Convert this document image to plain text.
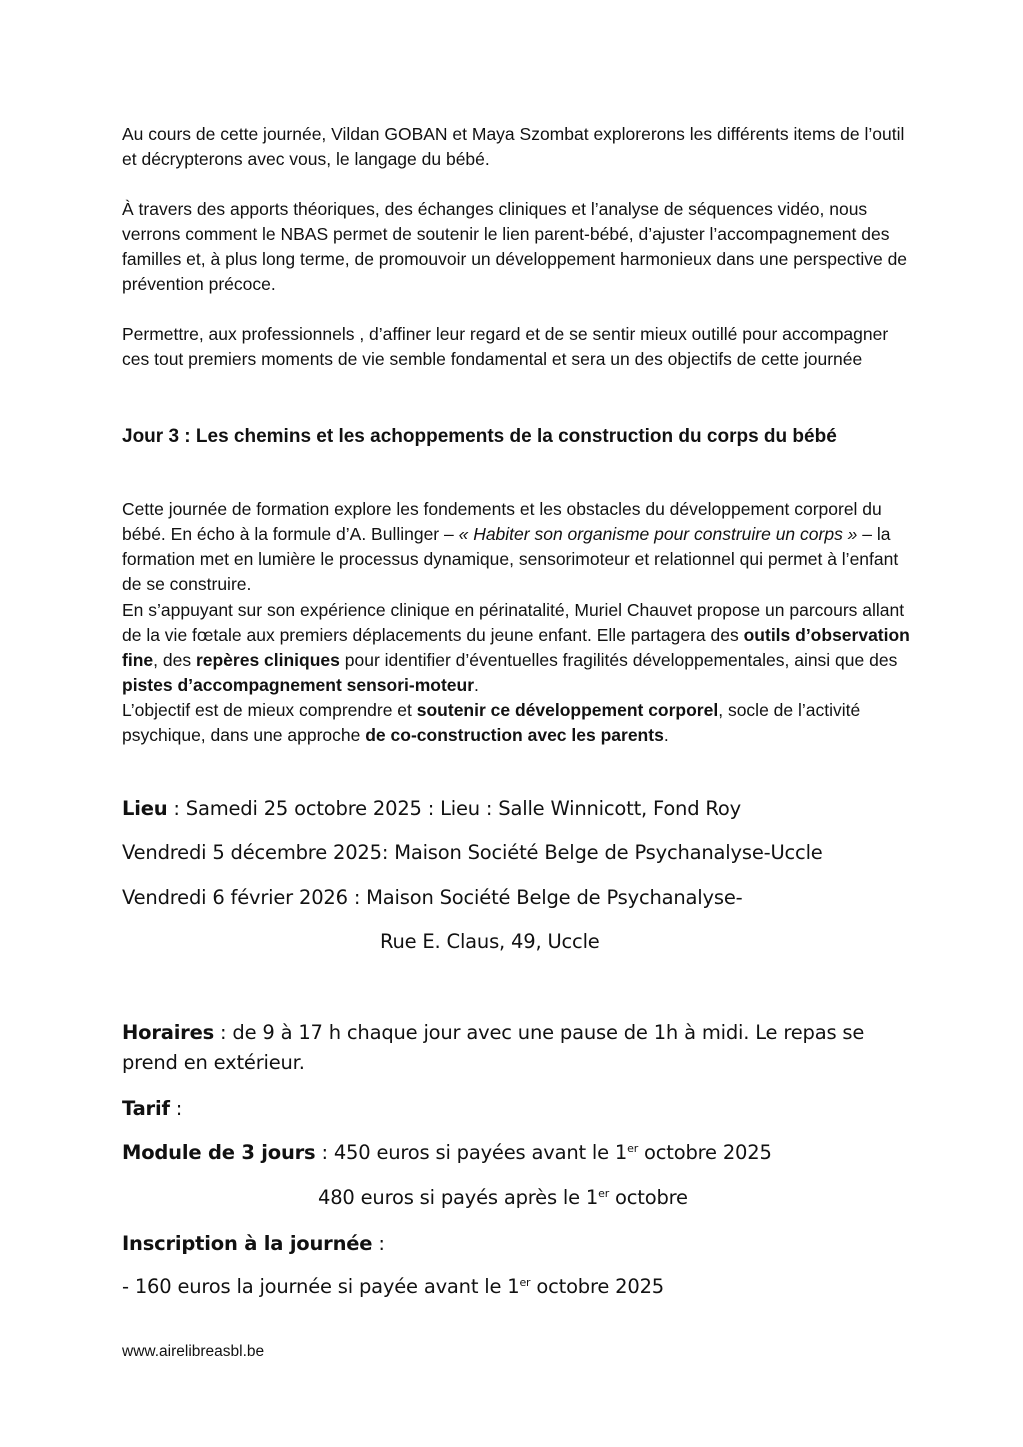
Au cours de cette journée, Vildan GOBAN et Maya Szombat explorerons les différents items de l’outil et décrypterons avec vous, le langage du bébé.

À travers des apports théoriques, des échanges cliniques et l’analyse de séquences vidéo, nous verrons comment le NBAS permet de soutenir le lien parent-bébé, d’ajuster l’accompagnement des familles et, à plus long terme, de promouvoir un développement harmonieux dans une perspective de prévention précoce.

Permettre, aux professionnels , d’affiner leur regard et de se sentir mieux outillé pour accompagner ces tout premiers moments de vie semble fondamental et sera un des objectifs de cette journée

Jour 3 : Les chemins et les achoppements de la construction du corps du bébé

Cette journée de formation explore les fondements et les obstacles du développement corporel du bébé. En écho à la formule d’A. Bullinger – « Habiter son organisme pour construire un corps » – la formation met en lumière le processus dynamique, sensorimoteur et relationnel qui permet à l’enfant de se construire.

En s’appuyant sur son expérience clinique en périnatalité, Muriel Chauvet propose un parcours allant de la vie fœtale aux premiers déplacements du jeune enfant. Elle partagera des outils d’observation fine, des repères cliniques pour identifier d’éventuelles fragilités développementales, ainsi que des pistes d’accompagnement sensori-moteur.

L’objectif est de mieux comprendre et soutenir ce développement corporel, socle de l’activité psychique, dans une approche de co-construction avec les parents.

Lieu : Samedi 25 octobre 2025 : Lieu : Salle Winnicott, Fond Roy
Vendredi 5 décembre 2025: Maison Société Belge de Psychanalyse-Uccle
Vendredi 6 février 2026 : Maison Société Belge de Psychanalyse-
Rue E. Claus, 49, Uccle
Horaires : de 9 à 17 h chaque jour avec une pause de 1h à midi. Le repas se prend en extérieur.
Tarif :
Module de 3 jours : 450 euros si payées avant le 1er octobre 2025
480 euros si payés après le 1er octobre
Inscription à la journée :
- 160 euros la journée si payée avant le 1er octobre 2025
www.airelibreasbl.be
